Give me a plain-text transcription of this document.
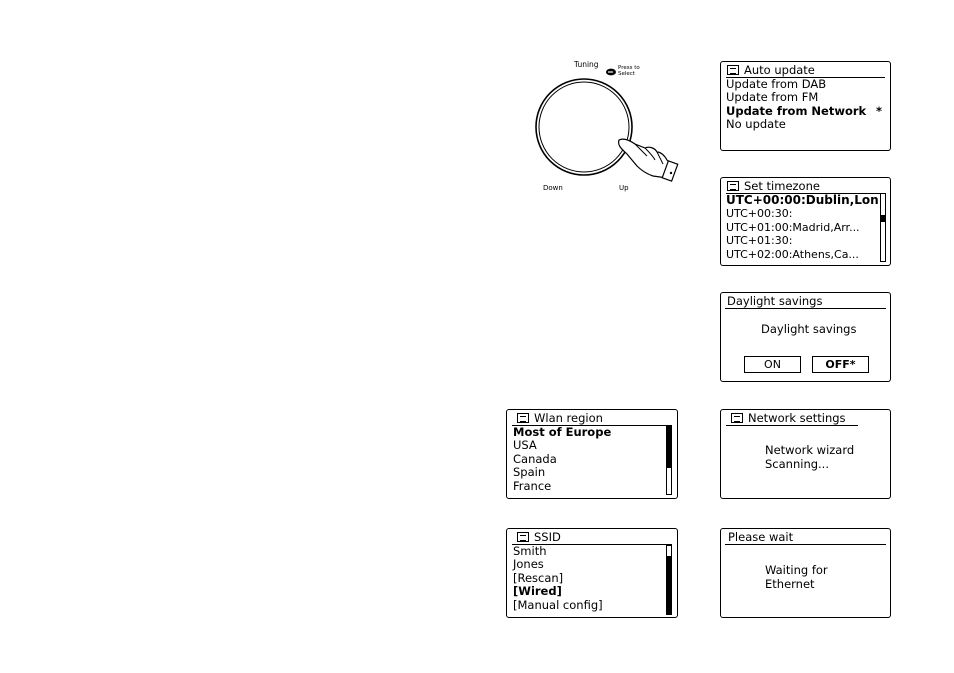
Tuning	Press to
Select
Down	Up
Auto update
Update from DAB
Update from FM
Update from Network
No update
*
Set timezone
UTC+00:00:Dublin,Lon
UTC+00:30:
UTC+01:00:Madrid,Arr...
UTC+01:30:
UTC+02:00:Athens,Ca...
Daylight savings
Daylight savings
ON	OFF*
Wlan region
Most of Europe
USA
Canada
Spain
France
Network settings
Network wizard
Scanning...
SSID
Smith
Jones
[Rescan]
[Wired]
[Manual config]
Please wait
Waiting for
Ethernet
